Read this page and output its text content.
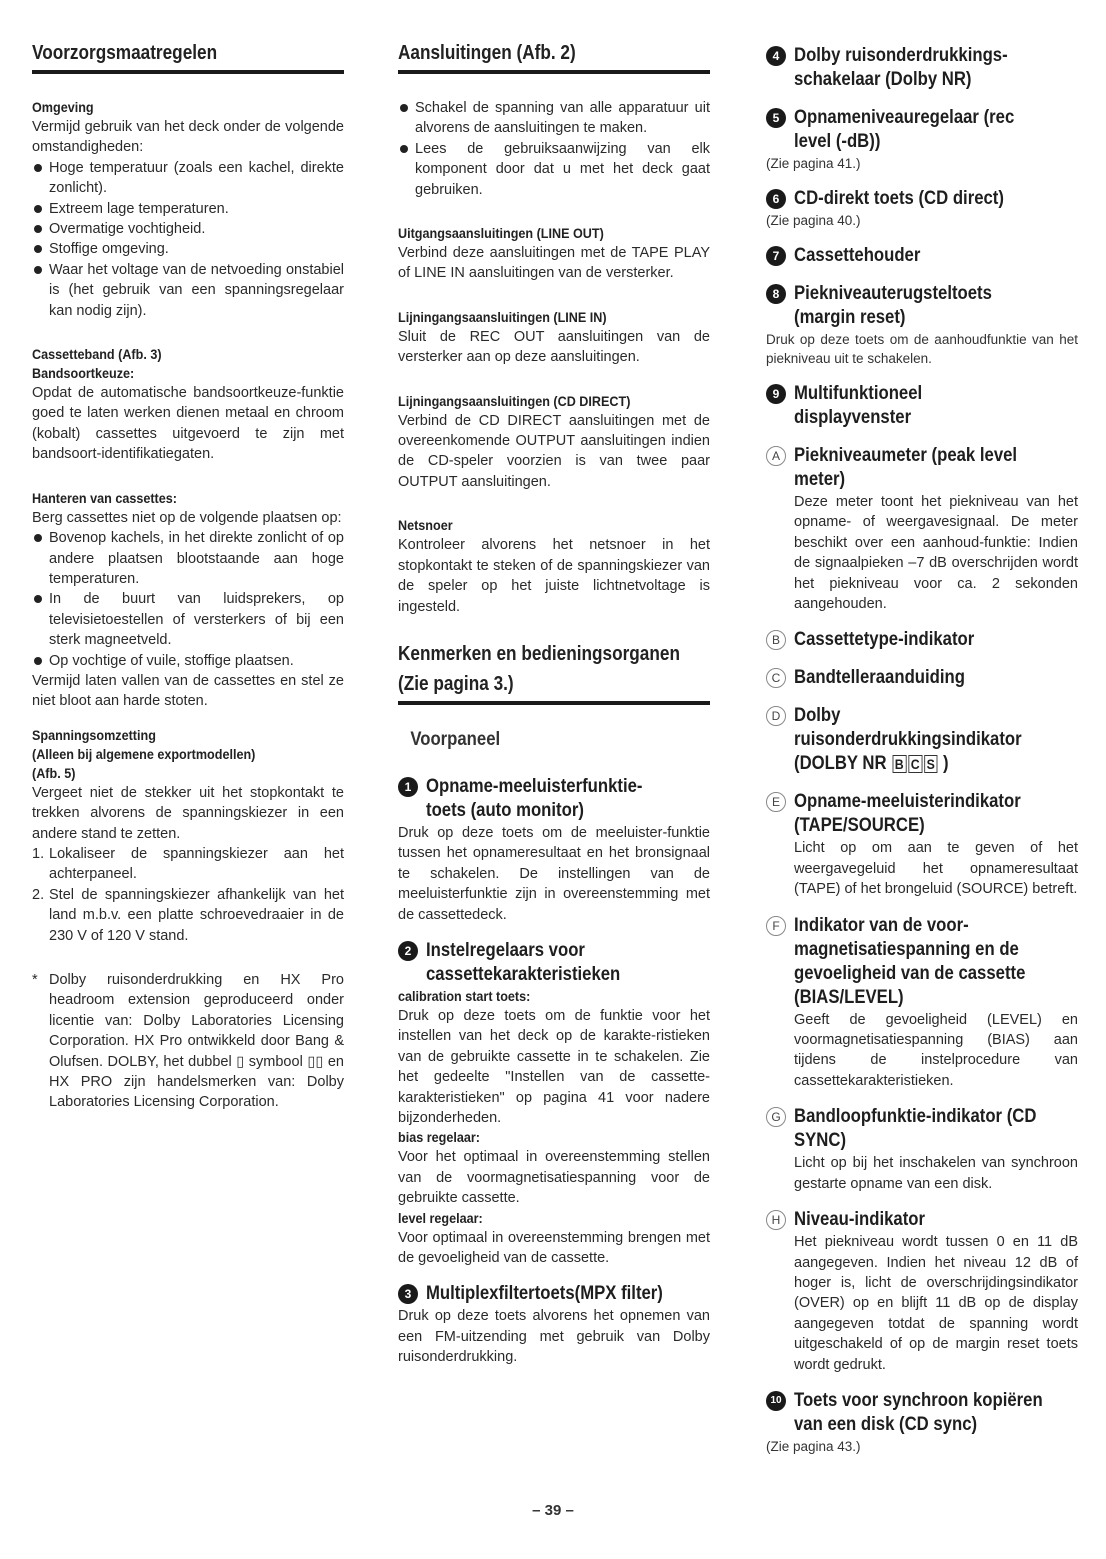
Voorzorgsmaatregelen
Omgeving
Vermijd gebruik van het deck onder de volgende omstandigheden:
Hoge temperatuur (zoals een kachel, direkte zonlicht).
Extreem lage temperaturen.
Overmatige vochtigheid.
Stoffige omgeving.
Waar het voltage van de netvoeding onstabiel is (het gebruik van een spanningsregelaar kan nodig zijn).
Cassetteband (Afb. 3)
Bandsoortkeuze:
Opdat de automatische bandsoortkeuze-funktie goed te laten werken dienen metaal en chroom (kobalt) cassettes uitgevoerd te zijn met bandsoort-identifikatiegaten.
Hanteren van cassettes:
Berg cassettes niet op de volgende plaatsen op:
Bovenop kachels, in het direkte zonlicht of op andere plaatsen blootstaande aan hoge temperaturen.
In de buurt van luidsprekers, op televisietoestellen of versterkers of bij een sterk magneetveld.
Op vochtige of vuile, stoffige plaatsen.
Vermijd laten vallen van de cassettes en stel ze niet bloot aan harde stoten.
Spanningsomzetting
(Alleen bij algemene exportmodellen)
(Afb. 5)
Vergeet niet de stekker uit het stopkontakt te trekken alvorens de spanningskiezer in een andere stand te zetten.
1. Lokaliseer de spanningskiezer aan het achterpaneel.
2. Stel de spanningskiezer afhankelijk van het land m.b.v. een platte schroevedraaier in de 230 V of 120 V stand.
* Dolby ruisonderdrukking en HX Pro headroom extension geproduceerd onder licentie van: Dolby Laboratories Licensing Corporation. HX Pro ontwikkeld door Bang & Olufsen. DOLBY, het dubbel ▯ symbool ▯▯ en HX PRO zijn handelsmerken van: Dolby Laboratories Licensing Corporation.
Aansluitingen (Afb. 2)
Schakel de spanning van alle apparatuur uit alvorens de aansluitingen te maken.
Lees de gebruiksaanwijzing van elk komponent door dat u met het deck gaat gebruiken.
Uitgangsaansluitingen (LINE OUT)
Verbind deze aansluitingen met de TAPE PLAY of LINE IN aansluitingen van de versterker.
Lijningangsaansluitingen (LINE IN)
Sluit de REC OUT aansluitingen van de versterker aan op deze aansluitingen.
Lijningangsaansluitingen (CD DIRECT)
Verbind de CD DIRECT aansluitingen met de overeenkomende OUTPUT aansluitingen indien de CD-speler voorzien is van twee paar OUTPUT aansluitingen.
Netsnoer
Kontroleer alvorens het netsnoer in het stopkontakt te steken of de spanningskiezer van de speler op het juiste lichtnetvoltage is ingesteld.
Kenmerken en bedieningsorganen
(Zie pagina 3.)
Voorpaneel
1 Opname-meeluisterfunktie-
toets (auto monitor)
Druk op deze toets om de meeluister-funktie tussen het opnameresultaat en het bronsignaal te schakelen. De instellingen van de meeluisterfunktie zijn in overeenstemming met de cassettedeck.
2 Instelregelaars voor
cassettekarakteristieken
calibration start toets:
Druk op deze toets om de funktie voor het instellen van het deck op de karakte-ristieken van de gebruikte cassette in te schakelen. Zie het gedeelte "Instellen van de cassette-karakteristieken" op pagina 41 voor nadere bijzonderheden.
bias regelaar:
Voor het optimaal in overeenstemming stellen van de voormagnetisatiespanning voor de gebruikte cassette.
level regelaar:
Voor optimaal in overeenstemming brengen met de gevoeligheid van de cassette.
3 Multiplexfiltertoets(MPX filter)
Druk op deze toets alvorens het opnemen van een FM-uitzending met gebruik van Dolby ruisonderdrukking.
4 Dolby ruisonderdrukkings-
schakelaar (Dolby NR)
5 Opnameniveauregelaar (rec
level (-dB))
(Zie pagina 41.)
6 CD-direkt toets (CD direct)
(Zie pagina 40.)
7 Cassettehouder
8 Piekniveauterugsteltoets
(margin reset)
Druk op deze toets om de aanhoudfunktie van het piekniveau uit te schakelen.
9 Multifunktioneel
displayvenster
A Piekniveaumeter (peak level
meter)
Deze meter toont het piekniveau van het opname- of weergavesignaal. De meter beschikt over een aanhoud-funktie: Indien de signaalpieken –7 dB overschrijden wordt het piekniveau voor ca. 2 sekonden aangehouden.
B Cassettetype-indikator
C Bandtelleraanduiding
D Dolby
ruisonderdrukkingsindikator
(DOLBY NR B C S )
E Opname-meeluisterindikator
(TAPE/SOURCE)
Licht op om aan te geven of het weergavegeluid het opnameresultaat (TAPE) of het brongeluid (SOURCE) betreft.
F Indikator van de voor-
magnetisatiespanning en de
gevoeligheid van de cassette
(BIAS/LEVEL)
Geeft de gevoeligheid (LEVEL) en voormagnetisatiespanning (BIAS) aan tijdens de instelprocedure van cassettekarakteristieken.
G Bandloopfunktie-indikator (CD
SYNC)
Licht op bij het inschakelen van synchroon gestarte opname van een disk.
H Niveau-indikator
Het piekniveau wordt tussen 0 en 11 dB aangegeven. Indien het niveau 12 dB of hoger is, licht de overschrijdingsindikator (OVER) op en blijft 11 dB op de display aangegeven totdat de spanning wordt uitgeschakeld of op de margin reset toets wordt gedrukt.
10 Toets voor synchroon kopiëren
van een disk (CD sync)
(Zie pagina 43.)
– 39 –
